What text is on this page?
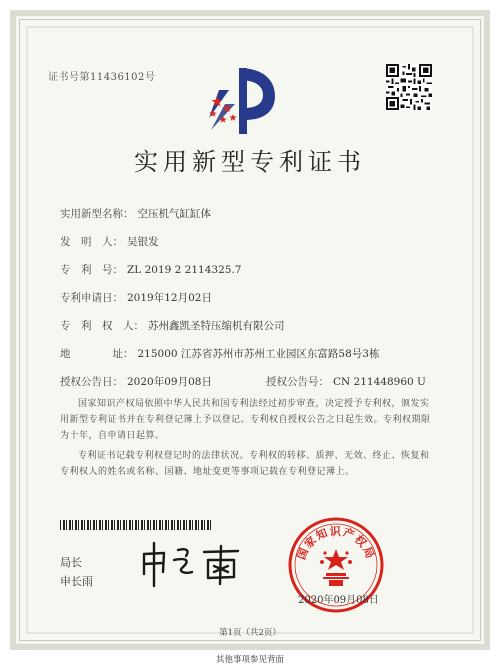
证书号第11436102号
实用新型专利证书
实用新型名称： 空压机气缸缸体
发　明　人： 吴银发
专　利　号： ZL 2019 2 2114325.7
专利申请日： 2019年12月02日
专　利　权　人： 苏州鑫凯圣特压缩机有限公司
地　　　　址： 215000 江苏省苏州市苏州工业园区东富路58号3栋
授权公告日： 2020年09月08日	授权公告号： CN 211448960 U
国家知识产权局依照中华人民共和国专利法经过初步审查，决定授予专利权，颁发实用新型专利证书并在专利登记簿上予以登记。专利权自授权公告之日起生效。专利权期限为十年，自申请日起算。
专利证书记载专利权登记时的法律状况。专利权的转移、质押、无效、终止、恢复和专利权人的姓名或名称、国籍、地址变更等事项记载在专利登记簿上。
局长
申长雨
国家知识产权局
2020年09月08日
第1页（共2页）
其他事项参见背面
